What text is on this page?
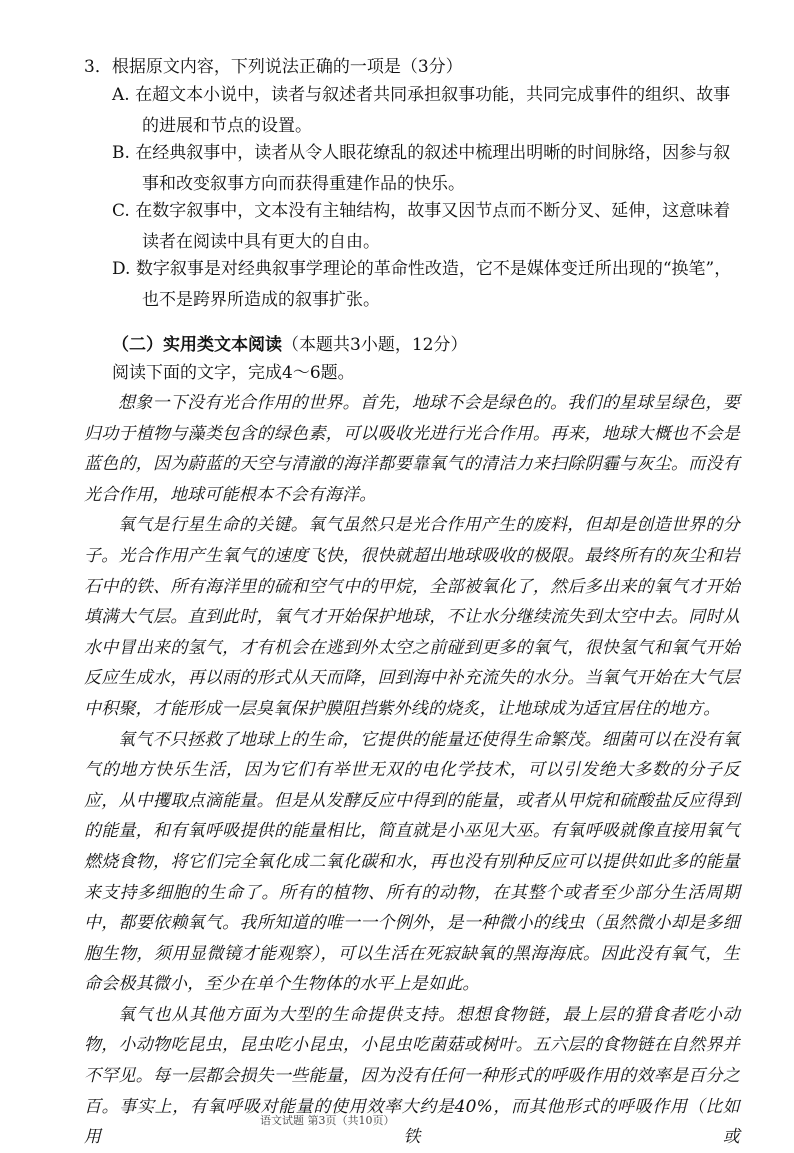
3．根据原文内容，下列说法正确的一项是（3分）
A. 在超文本小说中，读者与叙述者共同承担叙事功能，共同完成事件的组织、故事
的进展和节点的设置。
B. 在经典叙事中，读者从令人眼花缭乱的叙述中梳理出明晰的时间脉络，因参与叙
事和改变叙事方向而获得重建作品的快乐。
C. 在数字叙事中，文本没有主轴结构，故事又因节点而不断分叉、延伸，这意味着
读者在阅读中具有更大的自由。
D. 数字叙事是对经典叙事学理论的革命性改造，它不是媒体变迁所出现的“换笔”，
也不是跨界所造成的叙事扩张。
（二）实用类文本阅读（本题共3小题，12分）
阅读下面的文字，完成4～6题。

想象一下没有光合作用的世界。首先，地球不会是绿色的。我们的星球呈绿色，要归功于植物与藻类包含的绿色素，可以吸收光进行光合作用。再来，地球大概也不会是蓝色的，因为蔚蓝的天空与清澈的海洋都要靠氧气的清洁力来扫除阴霾与灰尘。而没有光合作用，地球可能根本不会有海洋。

氧气是行星生命的关键。氧气虽然只是光合作用产生的废料，但却是创造世界的分子。光合作用产生氧气的速度飞快，很快就超出地球吸收的极限。最终所有的灰尘和岩石中的铁、所有海洋里的硫和空气中的甲烷，全部被氧化了，然后多出来的氧气才开始填满大气层。直到此时，氧气才开始保护地球，不让水分继续流失到太空中去。同时从水中冒出来的氢气，才有机会在逃到外太空之前碰到更多的氧气，很快氢气和氧气开始反应生成水，再以雨的形式从天而降，回到海中补充流失的水分。当氧气开始在大气层中积聚，才能形成一层臭氧保护膜阻挡紫外线的烧炙，让地球成为适宜居住的地方。

氧气不只拯救了地球上的生命，它提供的能量还使得生命繁茂。细菌可以在没有氧气的地方快乐生活，因为它们有举世无双的电化学技术，可以引发绝大多数的分子反应，从中攫取点滴能量。但是从发酵反应中得到的能量，或者从甲烷和硫酸盐反应得到的能量，和有氧呼吸提供的能量相比，简直就是小巫见大巫。有氧呼吸就像直接用氧气燃烧食物，将它们完全氧化成二氧化碳和水，再也没有别种反应可以提供如此多的能量来支持多细胞的生命了。所有的植物、所有的动物，在其整个或者至少部分生活周期中，都要依赖氧气。我所知道的唯一一个例外，是一种微小的线虫（虽然微小却是多细胞生物，须用显微镜才能观察），可以生活在死寂缺氧的黑海海底。因此没有氧气，生命会极其微小，至少在单个生物体的水平上是如此。

氧气也从其他方面为大型的生命提供支持。想想食物链，最上层的猎食者吃小动物，小动物吃昆虫，昆虫吃小昆虫，小昆虫吃菌菇或树叶。五六层的食物链在自然界并不罕见。每一层都会损失一些能量，因为没有任何一种形式的呼吸作用的效率是百分之百。事实上，有氧呼吸对能量的使用效率大约是40%，而其他形式的呼吸作用（比如用铁或

语文试题 第3页（共10页）
